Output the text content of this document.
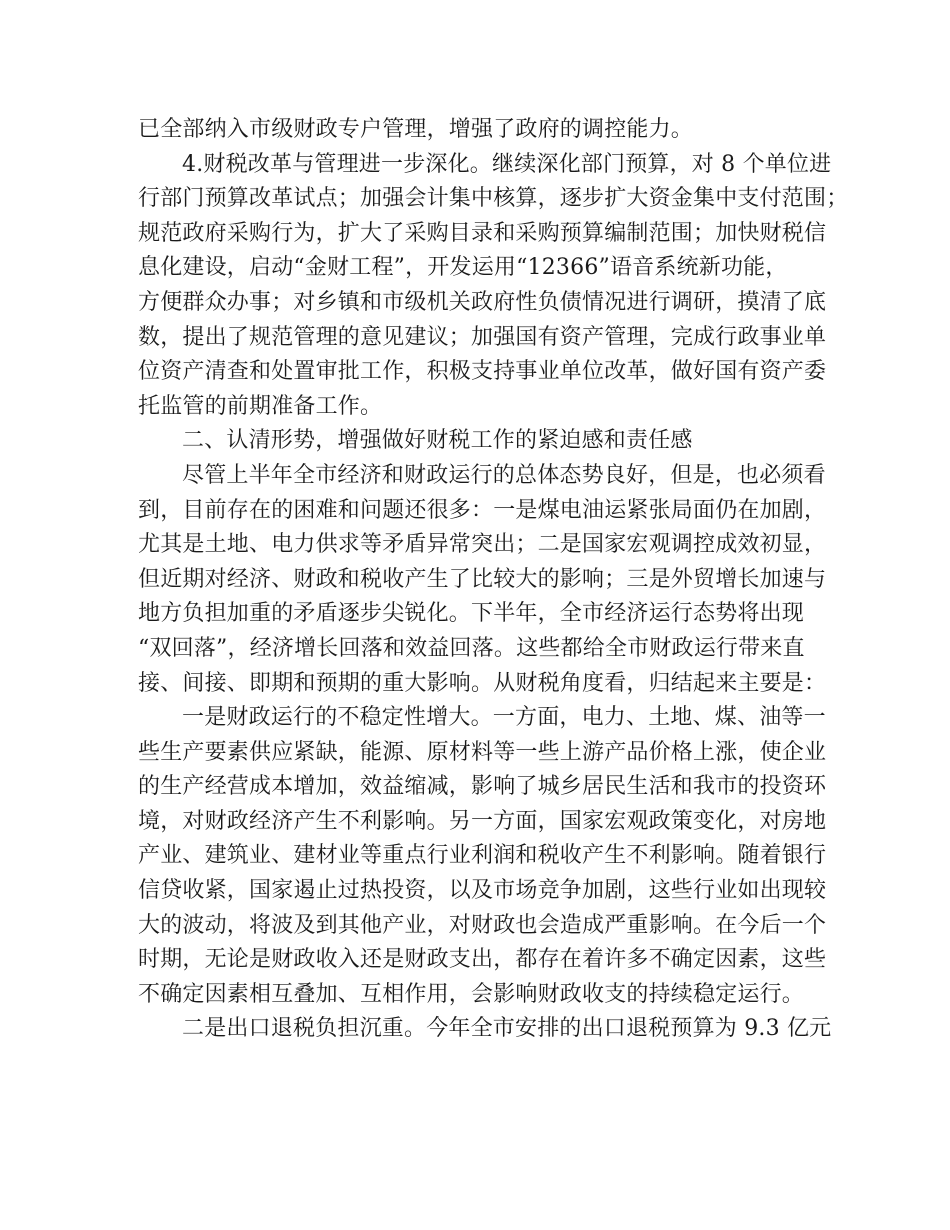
已全部纳入市级财政专户管理，增强了政府的调控能力。
4.财税改革与管理进一步深化。继续深化部门预算，对 8 个单位进
行部门预算改革试点；加强会计集中核算，逐步扩大资金集中支付范围；
规范政府采购行为，扩大了采购目录和采购预算编制范围；加快财税信
息化建设，启动“金财工程”，开发运用“12366”语音系统新功能，
方便群众办事；对乡镇和市级机关政府性负债情况进行调研，摸清了底
数，提出了规范管理的意见建议；加强国有资产管理，完成行政事业单
位资产清查和处置审批工作，积极支持事业单位改革，做好国有资产委
托监管的前期准备工作。
二、认清形势，增强做好财税工作的紧迫感和责任感
尽管上半年全市经济和财政运行的总体态势良好，但是，也必须看
到，目前存在的困难和问题还很多：一是煤电油运紧张局面仍在加剧，
尤其是土地、电力供求等矛盾异常突出；二是国家宏观调控成效初显，
但近期对经济、财政和税收产生了比较大的影响；三是外贸增长加速与
地方负担加重的矛盾逐步尖锐化。下半年，全市经济运行态势将出现
“双回落”，经济增长回落和效益回落。这些都给全市财政运行带来直
接、间接、即期和预期的重大影响。从财税角度看，归结起来主要是：
一是财政运行的不稳定性增大。一方面，电力、土地、煤、油等一
些生产要素供应紧缺，能源、原材料等一些上游产品价格上涨，使企业
的生产经营成本增加，效益缩减，影响了城乡居民生活和我市的投资环
境，对财政经济产生不利影响。另一方面，国家宏观政策变化，对房地
产业、建筑业、建材业等重点行业利润和税收产生不利影响。随着银行
信贷收紧，国家遏止过热投资，以及市场竞争加剧，这些行业如出现较
大的波动，将波及到其他产业，对财政也会造成严重影响。在今后一个
时期，无论是财政收入还是财政支出，都存在着许多不确定因素，这些
不确定因素相互叠加、互相作用，会影响财政收支的持续稳定运行。
二是出口退税负担沉重。今年全市安排的出口退税预算为 9.3 亿元
